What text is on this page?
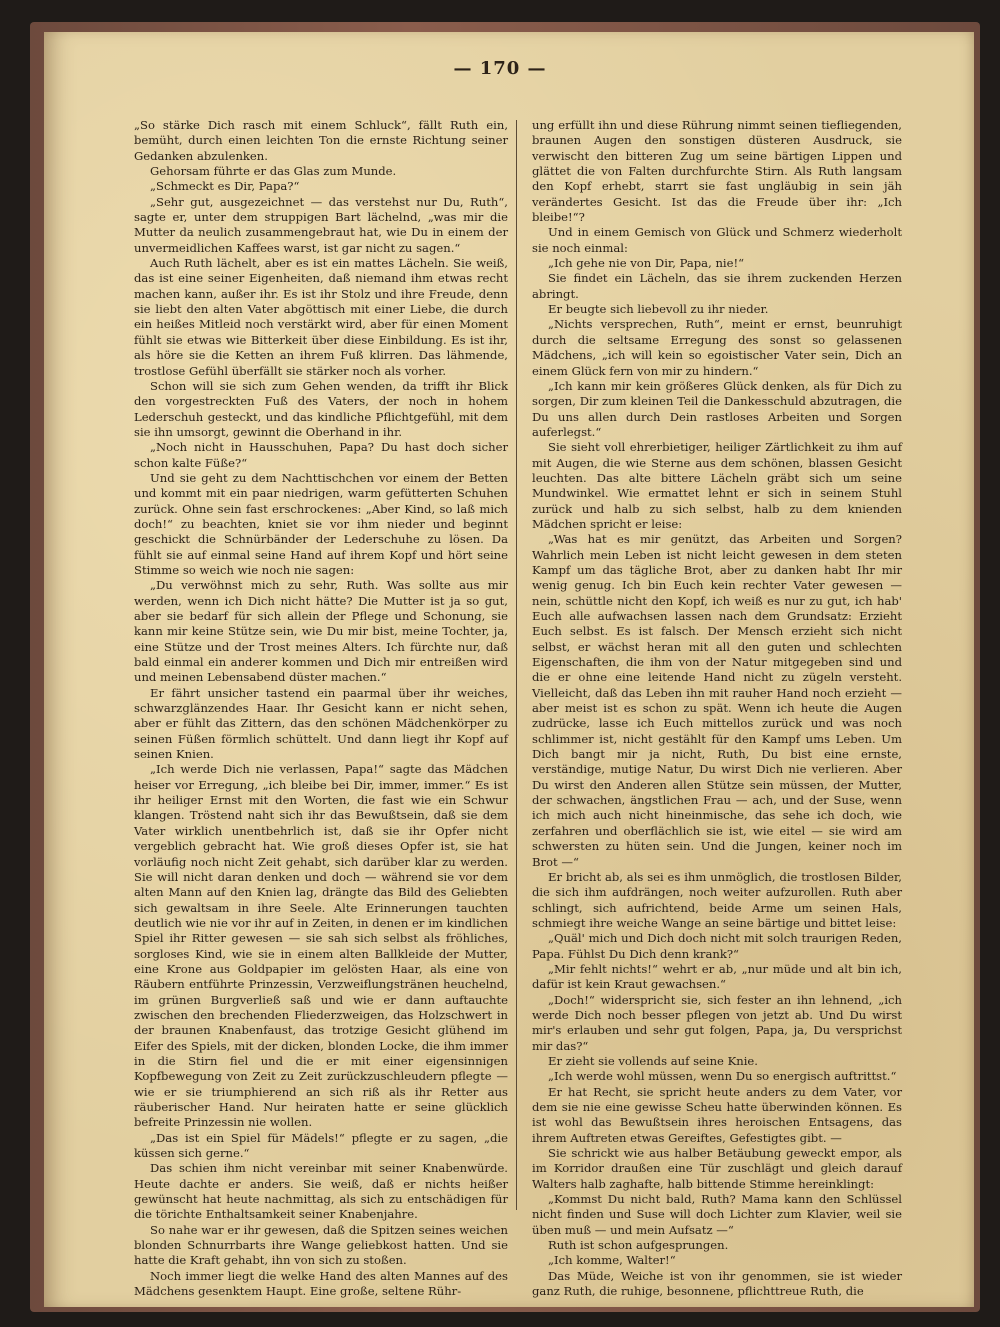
— 170 —

„So stärke Dich rasch mit einem Schluck“, fällt Ruth ein, bemüht, durch einen leichten Ton die ernste Richtung seiner Gedanken abzulenken.

Gehorsam führte er das Glas zum Munde.

„Schmeckt es Dir, Papa?“

„Sehr gut, ausgezeichnet — das verstehst nur Du, Ruth“, sagte er, unter dem struppigen Bart lächelnd, „was mir die Mutter da neulich zusammengebraut hat, wie Du in einem der unvermeidlichen Kaffees warst, ist gar nicht zu sagen.“

Auch Ruth lächelt, aber es ist ein mattes Lächeln. Sie weiß, das ist eine seiner Eigenheiten, daß niemand ihm etwas recht machen kann, außer ihr. Es ist ihr Stolz und ihre Freude, denn sie liebt den alten Vater abgöttisch mit einer Liebe, die durch ein heißes Mitleid noch verstärkt wird, aber für einen Moment fühlt sie etwas wie Bitterkeit über diese Einbildung. Es ist ihr, als höre sie die Ketten an ihrem Fuß klirren. Das lähmende, trostlose Gefühl überfällt sie stärker noch als vorher.

Schon will sie sich zum Gehen wenden, da trifft ihr Blick den vorgestreckten Fuß des Vaters, der noch in hohem Lederschuh gesteckt, und das kindliche Pflichtgefühl, mit dem sie ihn umsorgt, gewinnt die Oberhand in ihr.

„Noch nicht in Hausschuhen, Papa? Du hast doch sicher schon kalte Füße?“

Und sie geht zu dem Nachttischchen vor einem der Betten und kommt mit ein paar niedrigen, warm gefütterten Schuhen zurück. Ohne sein fast erschrockenes: „Aber Kind, so laß mich doch!“ zu beachten, kniet sie vor ihm nieder und beginnt geschickt die Schnürbänder der Lederschuhe zu lösen. Da fühlt sie auf einmal seine Hand auf ihrem Kopf und hört seine Stimme so weich wie noch nie sagen:

„Du verwöhnst mich zu sehr, Ruth. Was sollte aus mir werden, wenn ich Dich nicht hätte? Die Mutter ist ja so gut, aber sie bedarf für sich allein der Pflege und Schonung, sie kann mir keine Stütze sein, wie Du mir bist, meine Tochter, ja, eine Stütze und der Trost meines Alters. Ich fürchte nur, daß bald einmal ein anderer kommen und Dich mir entreißen wird und meinen Lebensabend düster machen.“

Er fährt unsicher tastend ein paarmal über ihr weiches, schwarzglänzendes Haar. Ihr Gesicht kann er nicht sehen, aber er fühlt das Zittern, das den schönen Mädchenkörper zu seinen Füßen förmlich schüttelt. Und dann liegt ihr Kopf auf seinen Knien.

„Ich werde Dich nie verlassen, Papa!“ sagte das Mädchen heiser vor Erregung, „ich bleibe bei Dir, immer, immer.“ Es ist ihr heiliger Ernst mit den Worten, die fast wie ein Schwur klangen. Tröstend naht sich ihr das Bewußtsein, daß sie dem Vater wirklich unentbehrlich ist, daß sie ihr Opfer nicht vergeblich gebracht hat. Wie groß dieses Opfer ist, sie hat vorläufig noch nicht Zeit gehabt, sich darüber klar zu werden. Sie will nicht daran denken und doch — während sie vor dem alten Mann auf den Knien lag, drängte das Bild des Geliebten sich gewaltsam in ihre Seele. Alte Erinnerungen tauchten deutlich wie nie vor ihr auf in Zeiten, in denen er im kindlichen Spiel ihr Ritter gewesen — sie sah sich selbst als fröhliches, sorgloses Kind, wie sie in einem alten Ballkleide der Mutter, eine Krone aus Goldpapier im gelösten Haar, als eine von Räubern entführte Prinzessin, Verzweiflungstränen heuchelnd, im grünen Burgverließ saß und wie er dann auftauchte zwischen den brechenden Fliederzweigen, das Holzschwert in der braunen Knabenfaust, das trotzige Gesicht glühend im Eifer des Spiels, mit der dicken, blonden Locke, die ihm immer in die Stirn fiel und die er mit einer eigensinnigen Kopfbewegung von Zeit zu Zeit zurückzuschleudern pflegte — wie er sie triumphierend an sich riß als ihr Retter aus räuberischer Hand. Nur heiraten hatte er seine glücklich befreite Prinzessin nie wollen.

„Das ist ein Spiel für Mädels!“ pflegte er zu sagen, „die küssen sich gerne.“

Das schien ihm nicht vereinbar mit seiner Knabenwürde. Heute dachte er anders. Sie weiß, daß er nichts heißer gewünscht hat heute nachmittag, als sich zu entschädigen für die törichte Enthaltsamkeit seiner Knabenjahre.

So nahe war er ihr gewesen, daß die Spitzen seines weichen blonden Schnurrbarts ihre Wange geliebkost hatten. Und sie hatte die Kraft gehabt, ihn von sich zu stoßen.

Noch immer liegt die welke Hand des alten Mannes auf des Mädchens gesenktem Haupt. Eine große, seltene Rühr-

ung erfüllt ihn und diese Rührung nimmt seinen tiefliegenden, braunen Augen den sonstigen düsteren Ausdruck, sie verwischt den bitteren Zug um seine bärtigen Lippen und glättet die von Falten durchfurchte Stirn. Als Ruth langsam den Kopf erhebt, starrt sie fast ungläubig in sein jäh verändertes Gesicht. Ist das die Freude über ihr: „Ich bleibe!“?

Und in einem Gemisch von Glück und Schmerz wiederholt sie noch einmal:

„Ich gehe nie von Dir, Papa, nie!“

Sie findet ein Lächeln, das sie ihrem zuckenden Herzen abringt.

Er beugte sich liebevoll zu ihr nieder.

„Nichts versprechen, Ruth“, meint er ernst, beunruhigt durch die seltsame Erregung des sonst so gelassenen Mädchens, „ich will kein so egoistischer Vater sein, Dich an einem Glück fern von mir zu hindern.“

„Ich kann mir kein größeres Glück denken, als für Dich zu sorgen, Dir zum kleinen Teil die Dankesschuld abzutragen, die Du uns allen durch Dein rastloses Arbeiten und Sorgen auferlegst.“

Sie sieht voll ehrerbietiger, heiliger Zärtlichkeit zu ihm auf mit Augen, die wie Sterne aus dem schönen, blassen Gesicht leuchten. Das alte bittere Lächeln gräbt sich um seine Mundwinkel. Wie ermattet lehnt er sich in seinem Stuhl zurück und halb zu sich selbst, halb zu dem knienden Mädchen spricht er leise:

„Was hat es mir genützt, das Arbeiten und Sorgen? Wahrlich mein Leben ist nicht leicht gewesen in dem steten Kampf um das tägliche Brot, aber zu danken habt Ihr mir wenig genug. Ich bin Euch kein rechter Vater gewesen — nein, schüttle nicht den Kopf, ich weiß es nur zu gut, ich hab' Euch alle aufwachsen lassen nach dem Grundsatz: Erzieht Euch selbst. Es ist falsch. Der Mensch erzieht sich nicht selbst, er wächst heran mit all den guten und schlechten Eigenschaften, die ihm von der Natur mitgegeben sind und die er ohne eine leitende Hand nicht zu zügeln versteht. Vielleicht, daß das Leben ihn mit rauher Hand noch erzieht — aber meist ist es schon zu spät. Wenn ich heute die Augen zudrücke, lasse ich Euch mittellos zurück und was noch schlimmer ist, nicht gestählt für den Kampf ums Leben. Um Dich bangt mir ja nicht, Ruth, Du bist eine ernste, verständige, mutige Natur, Du wirst Dich nie verlieren. Aber Du wirst den Anderen allen Stütze sein müssen, der Mutter, der schwachen, ängstlichen Frau — ach, und der Suse, wenn ich mich auch nicht hineinmische, das sehe ich doch, wie zerfahren und oberflächlich sie ist, wie eitel — sie wird am schwersten zu hüten sein. Und die Jungen, keiner noch im Brot —“

Er bricht ab, als sei es ihm unmöglich, die trostlosen Bilder, die sich ihm aufdrängen, noch weiter aufzurollen. Ruth aber schlingt, sich aufrichtend, beide Arme um seinen Hals, schmiegt ihre weiche Wange an seine bärtige und bittet leise:

„Quäl' mich und Dich doch nicht mit solch traurigen Reden, Papa. Fühlst Du Dich denn krank?“

„Mir fehlt nichts!“ wehrt er ab, „nur müde und alt bin ich, dafür ist kein Kraut gewachsen.“

„Doch!“ widerspricht sie, sich fester an ihn lehnend, „ich werde Dich noch besser pflegen von jetzt ab. Und Du wirst mir's erlauben und sehr gut folgen, Papa, ja, Du versprichst mir das?“

Er zieht sie vollends auf seine Knie.

„Ich werde wohl müssen, wenn Du so energisch auftrittst.“

Er hat Recht, sie spricht heute anders zu dem Vater, vor dem sie nie eine gewisse Scheu hatte überwinden können. Es ist wohl das Bewußtsein ihres heroischen Entsagens, das ihrem Auftreten etwas Gereiftes, Gefestigtes gibt. —

Sie schrickt wie aus halber Betäubung geweckt empor, als im Korridor draußen eine Tür zuschlägt und gleich darauf Walters halb zaghafte, halb bittende Stimme hereinklingt:

„Kommst Du nicht bald, Ruth? Mama kann den Schlüssel nicht finden und Suse will doch Lichter zum Klavier, weil sie üben muß — und mein Aufsatz —“

Ruth ist schon aufgesprungen.

„Ich komme, Walter!“

Das Müde, Weiche ist von ihr genommen, sie ist wieder ganz Ruth, die ruhige, besonnene, pflichttreue Ruth, die
